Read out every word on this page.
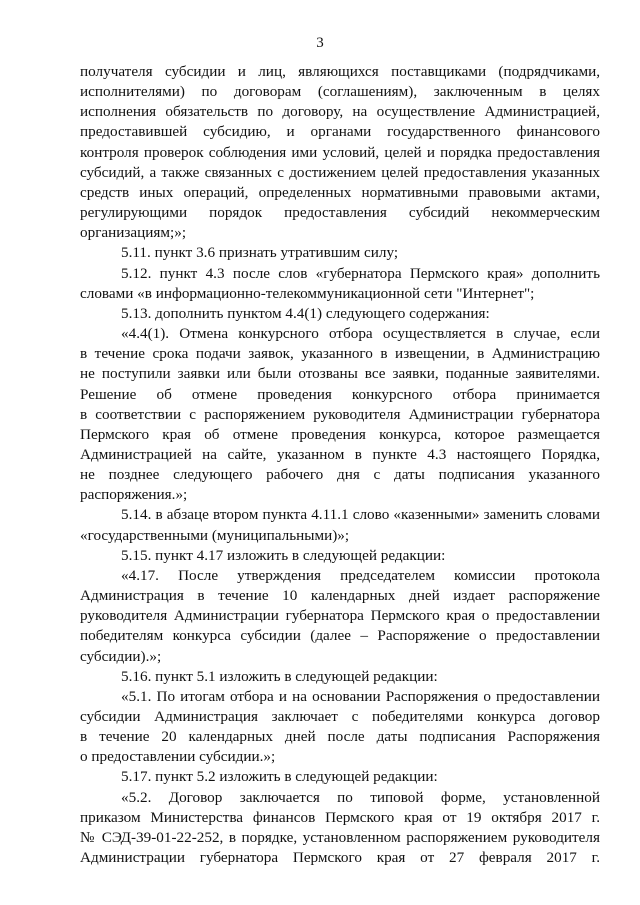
3
получателя субсидии и лиц, являющихся поставщиками (подрядчиками,
исполнителями) по договорам (соглашениям), заключенным в целях
исполнения обязательств по договору, на осуществление Администрацией,
предоставившей субсидию, и органами государственного финансового
контроля проверок соблюдения ими условий, целей и порядка предоставления
субсидий, а также связанных с достижением целей предоставления указанных
средств иных операций, определенных нормативными правовыми актами,
регулирующими порядок предоставления субсидий некоммерческим
организациям;»;
5.11. пункт 3.6 признать утратившим силу;
5.12. пункт 4.3 после слов «губернатора Пермского края» дополнить
словами «в информационно-телекоммуникационной сети "Интернет";
5.13. дополнить пунктом 4.4(1) следующего содержания:
«4.4(1). Отмена конкурсного отбора осуществляется в случае, если
в течение срока подачи заявок, указанного в извещении, в Администрацию
не поступили заявки или были отозваны все заявки, поданные заявителями.
Решение об отмене проведения конкурсного отбора принимается
в соответствии с распоряжением руководителя Администрации губернатора
Пермского края об отмене проведения конкурса, которое размещается
Администрацией на сайте, указанном в пункте 4.3 настоящего Порядка,
не позднее следующего рабочего дня с даты подписания указанного
распоряжения.»;
5.14. в абзаце втором пункта 4.11.1 слово «казенными» заменить словами
«государственными (муниципальными)»;
5.15. пункт 4.17 изложить в следующей редакции:
«4.17. После утверждения председателем комиссии протокола
Администрация в течение 10 календарных дней издает распоряжение
руководителя Администрации губернатора Пермского края о предоставлении
победителям конкурса субсидии (далее – Распоряжение о предоставлении
субсидии).»;
5.16. пункт 5.1 изложить в следующей редакции:
«5.1. По итогам отбора и на основании Распоряжения о предоставлении
субсидии Администрация заключает с победителями конкурса договор
в течение 20 календарных дней после даты подписания Распоряжения
о предоставлении субсидии.»;
5.17. пункт 5.2 изложить в следующей редакции:
«5.2. Договор заключается по типовой форме, установленной
приказом Министерства финансов Пермского края от 19 октября 2017 г.
№ СЭД-39-01-22-252, в порядке, установленном распоряжением руководителя
Администрации губернатора Пермского края от 27 февраля 2017 г.
